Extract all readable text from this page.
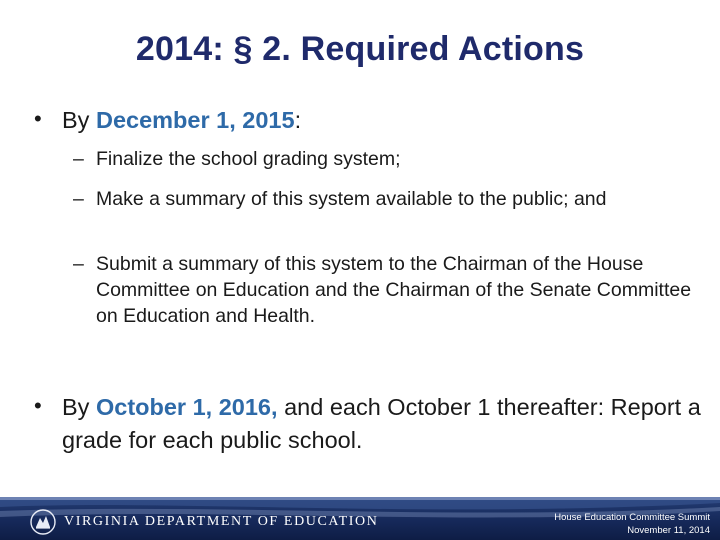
2014: § 2. Required Actions
• By December 1, 2015:
– Finalize the school grading system;
– Make a summary of this system available to the public; and
– Submit a summary of this system to the Chairman of the House Committee on Education and the Chairman of the Senate Committee on Education and Health.
• By October 1, 2016, and each October 1 thereafter: Report a grade for each public school.
VIRGINIA DEPARTMENT OF EDUCATION	House Education Committee Summit
November 11, 2014
